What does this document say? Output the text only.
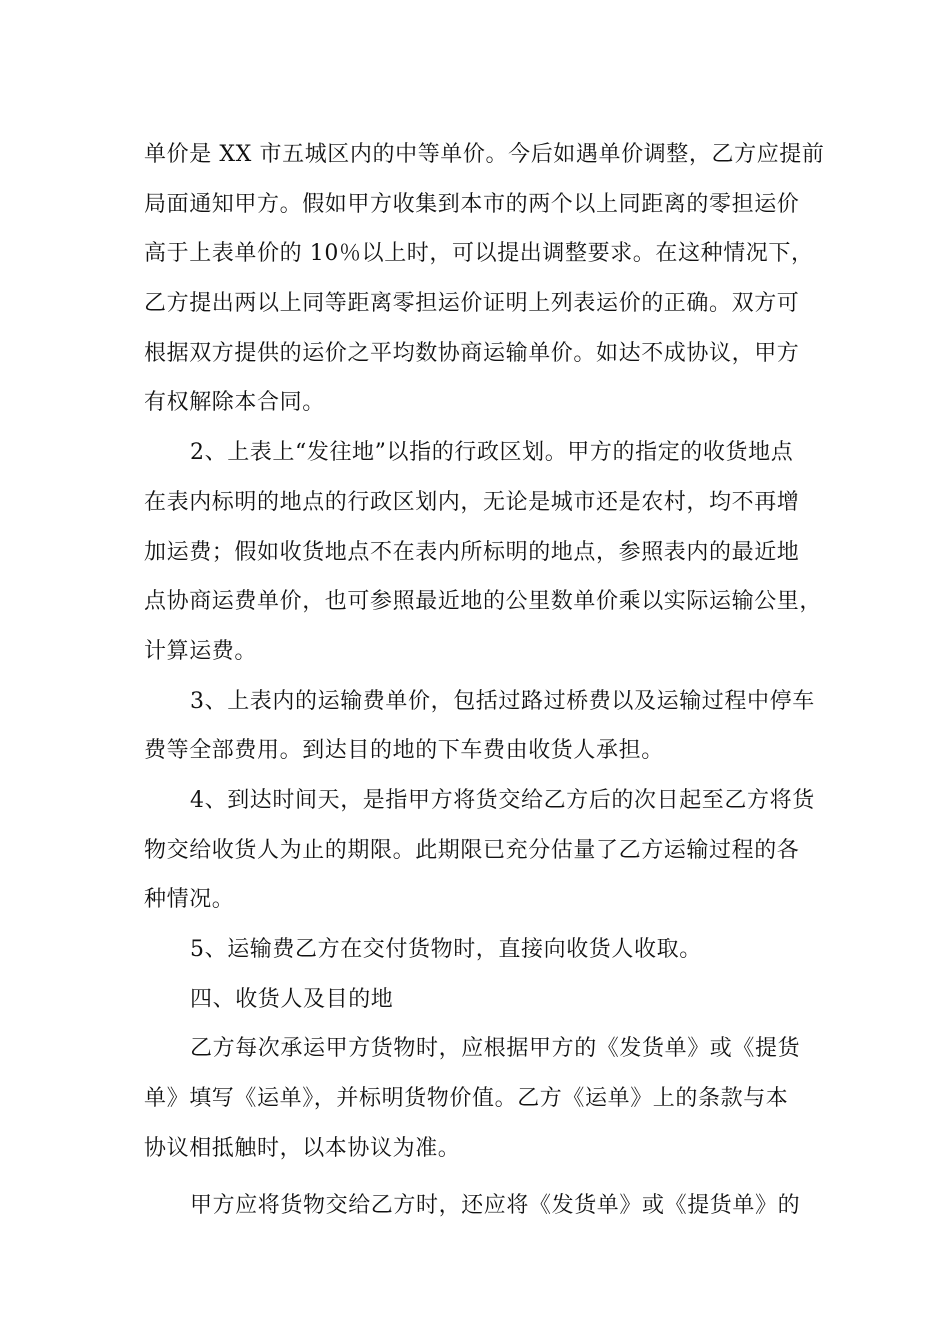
单价是 XX 市五城区内的中等单价。今后如遇单价调整，乙方应提前
局面通知甲方。假如甲方收集到本市的两个以上同距离的零担运价
高于上表单价的 10％以上时，可以提出调整要求。在这种情况下，
乙方提出两以上同等距离零担运价证明上列表运价的正确。双方可
根据双方提供的运价之平均数协商运输单价。如达不成协议，甲方
有权解除本合同。
2、上表上“发往地”以指的行政区划。甲方的指定的收货地点
在表内标明的地点的行政区划内，无论是城市还是农村，均不再增
加运费；假如收货地点不在表内所标明的地点，参照表内的最近地
点协商运费单价，也可参照最近地的公里数单价乘以实际运输公里，
计算运费。
3、上表内的运输费单价，包括过路过桥费以及运输过程中停车
费等全部费用。到达目的地的下车费由收货人承担。
4、到达时间天，是指甲方将货交给乙方后的次日起至乙方将货
物交给收货人为止的期限。此期限已充分估量了乙方运输过程的各
种情况。
5、运输费乙方在交付货物时，直接向收货人收取。
四、收货人及目的地
乙方每次承运甲方货物时，应根据甲方的《发货单》或《提货
单》填写《运单》，并标明货物价值。乙方《运单》上的条款与本
协议相抵触时，以本协议为准。
甲方应将货物交给乙方时，还应将《发货单》或《提货单》的
